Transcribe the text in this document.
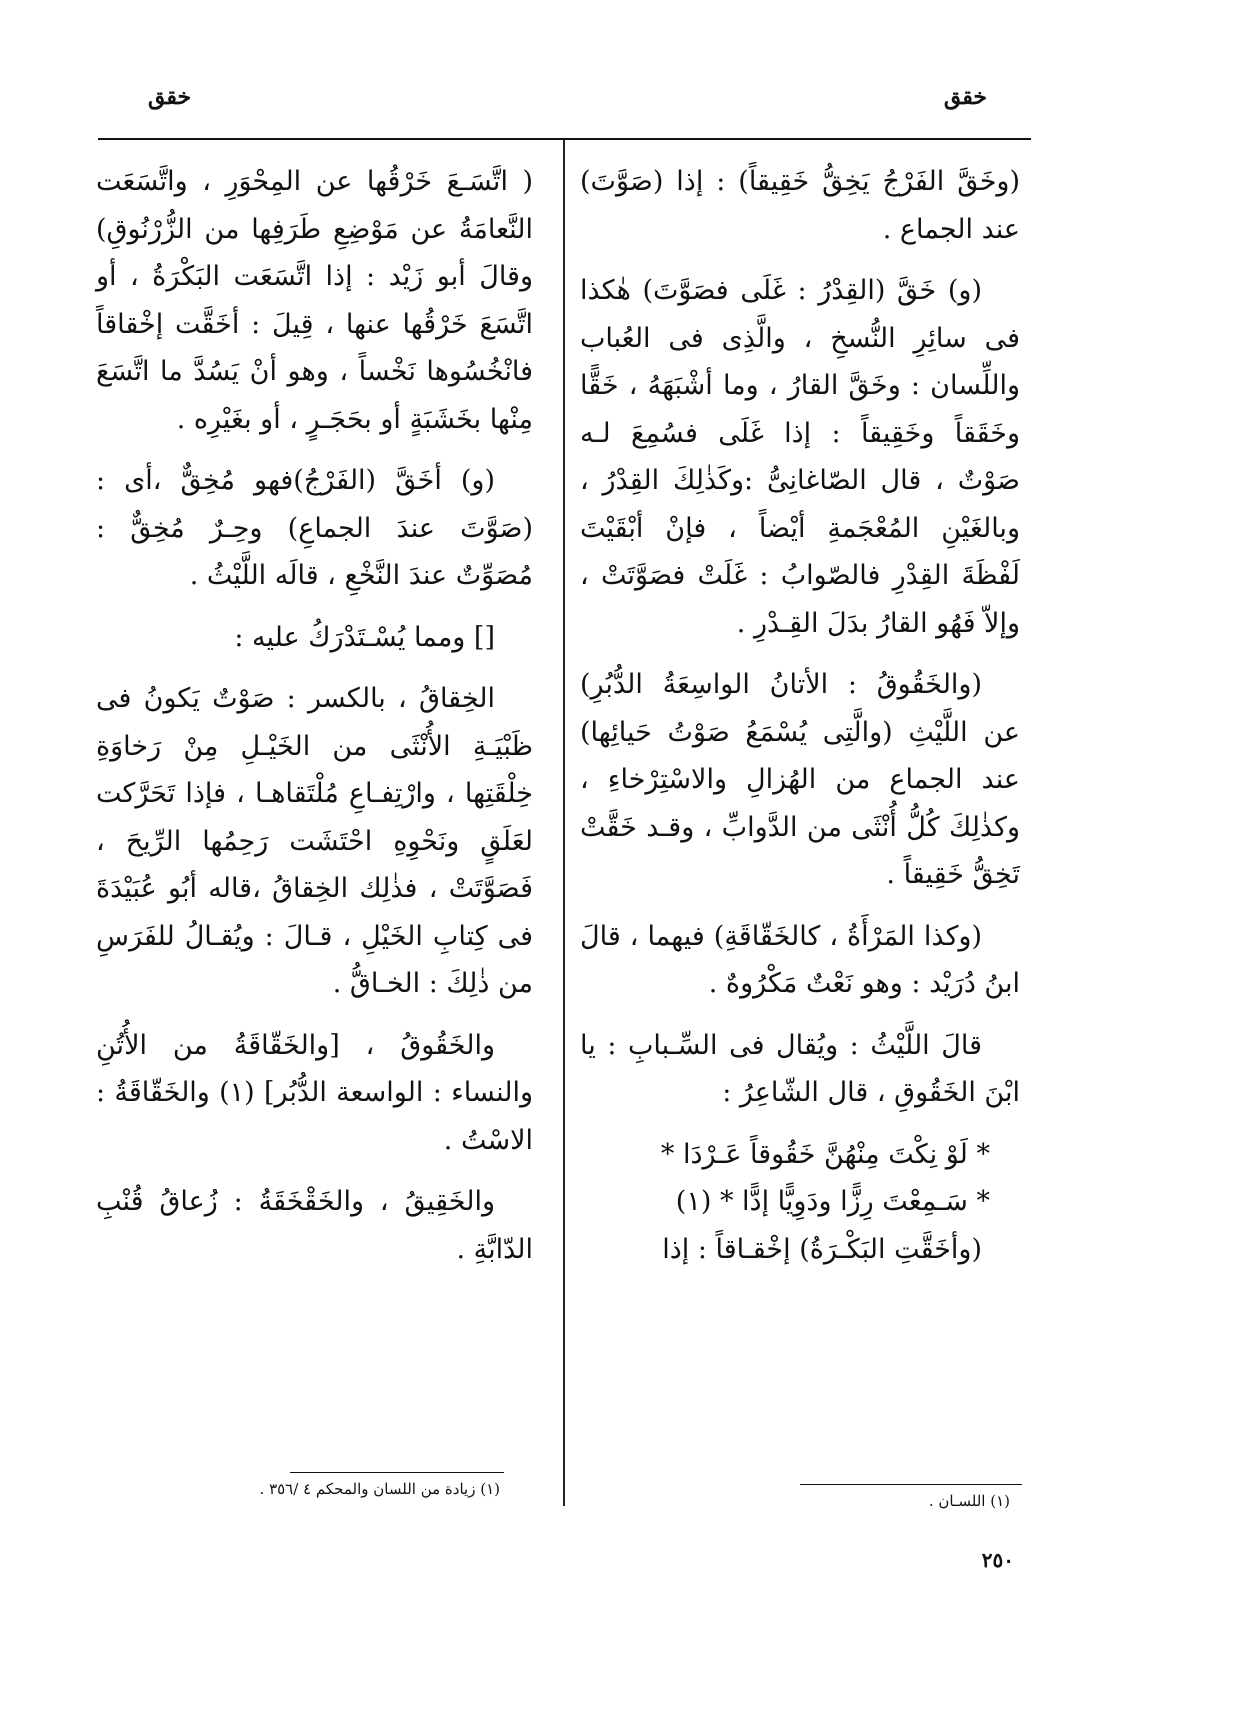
خقق
خقق

(وخَقَّ الفَرْجُ يَخِقُّ خَقِيقاً) : إذا (صَوَّتَ) عند الجماع .

(و) خَقَّ (القِدْرُ : غَلَى فصَوَّتَ) هٰكذا فى سائِرِ النُّسخِ ، والَّذِى فى العُباب واللِّسان : وخَقَّ القارُ ، وما أشْبَهَهُ ، خَقًّا وخَقَقاً وخَقِيقاً : إذا غَلَى فسُمِعَ لـه صَوْتٌ ، قال الصّاغانِىُّ :وكَذٰلِكَ القِدْرُ ، وبالغَيْنِ المُعْجَمةِ أيْضاً ، فإنْ أبْقَيْتَ لَفْظَةَ القِدْرِ فالصّوابُ : غَلَتْ فصَوَّتَتْ ، وإلاّ فَهُو القارُ بدَلَ القِـدْرِ .

(والخَقُوقُ : الأتانُ الواسِعَةُ الدُّبُرِ) عن اللَّيْثِ (والَّتِى يُسْمَعُ صَوْتُ حَيائِها) عند الجماع من الهُزالِ والاسْتِرْخاءِ ، وكذٰلِكَ كُلُّ أُنْثَى من الدَّوابِّ ، وقـد خَقَّتْ تَخِقُّ خَقِيقاً .

(وكذا المَرْأَةُ ، كالخَقّاقَةِ) فيهما ، قالَ ابنُ دُرَيْد : وهو نَعْتٌ مَكْرُوهٌ .

قالَ اللَّيْثُ : ويُقال فى السِّـبابِ : يا ابْنَ الخَقُوقِ ، قال الشّاعِرُ :

* لَوْ نِكْتَ مِنْهُنَّ خَقُوقاً عَـرْدَا *
* سَـمِعْتَ رِزًّا ودَوِيًّا إدًّا * (١)

(وأخَقَّتِ البَكْـرَةُ) إخْقـاقاً : إذا

( اتَّسَـعَ خَرْقُها عن المِحْوَرِ ، واتَّسَعَت النَّعامَةُ عن مَوْضِعِ طَرَفِها من الزُّرْنُوقِ) وقالَ أبو زَيْد : إذا اتَّسَعَت البَكْرَةُ ، أو اتَّسَعَ خَرْقُها عنها ، قِيلَ : أخَقَّت إخْقاقاً فانْخُسُوها نَخْساً ، وهو أنْ يَسُدَّ ما اتَّسَعَ مِنْها بخَشَبَةٍ أو بحَجَـرٍ ، أو بغَيْرِه .

(و) أخَقَّ (الفَرْجُ)فهو مُخِقٌّ ،أى : (صَوَّتَ عندَ الجماعِ) وحِـرٌ مُخِقٌّ : مُصَوِّتٌ عندَ النَّخْعِ ، قالَه اللَّيْثُ .

[] ومما يُسْـتَدْرَكُ عليه :

الخِقاقُ ، بالكسر : صَوْتٌ يَكونُ فى ظَبْيَـةِ الأُنْثَى من الخَيْـلِ مِنْ رَخاوَةِ خِلْقَتِها ، وارْتِفـاعِ مُلْتَقاهـا ، فإذا تَحَرَّكت لعَلَقٍ ونَحْوِهِ احْتَشَت رَحِمُها الرِّيحَ ، فَصَوَّتَتْ ، فذٰلِك الخِقاقُ ،قاله أبُو عُبَيْدَةَ فى كِتابِ الخَيْلِ ، قـالَ : ويُقـالُ للفَرَسِ من ذٰلِكَ : الخـاقُّ .

والخَقُوقُ ، [والخَقّاقَةُ من الأُتُنِ والنساء : الواسعة الدُّبُر] (١) والخَقّاقَةُ : الاسْتُ .

والخَقِيقُ ، والخَقْخَقَةُ : زُعاقُ قُنْبِ الدّابَّةِ .

(١) اللسـان .
(١) زيادة من اللسان والمحكم ٤ /٣٥٦ .
٢٥٠
